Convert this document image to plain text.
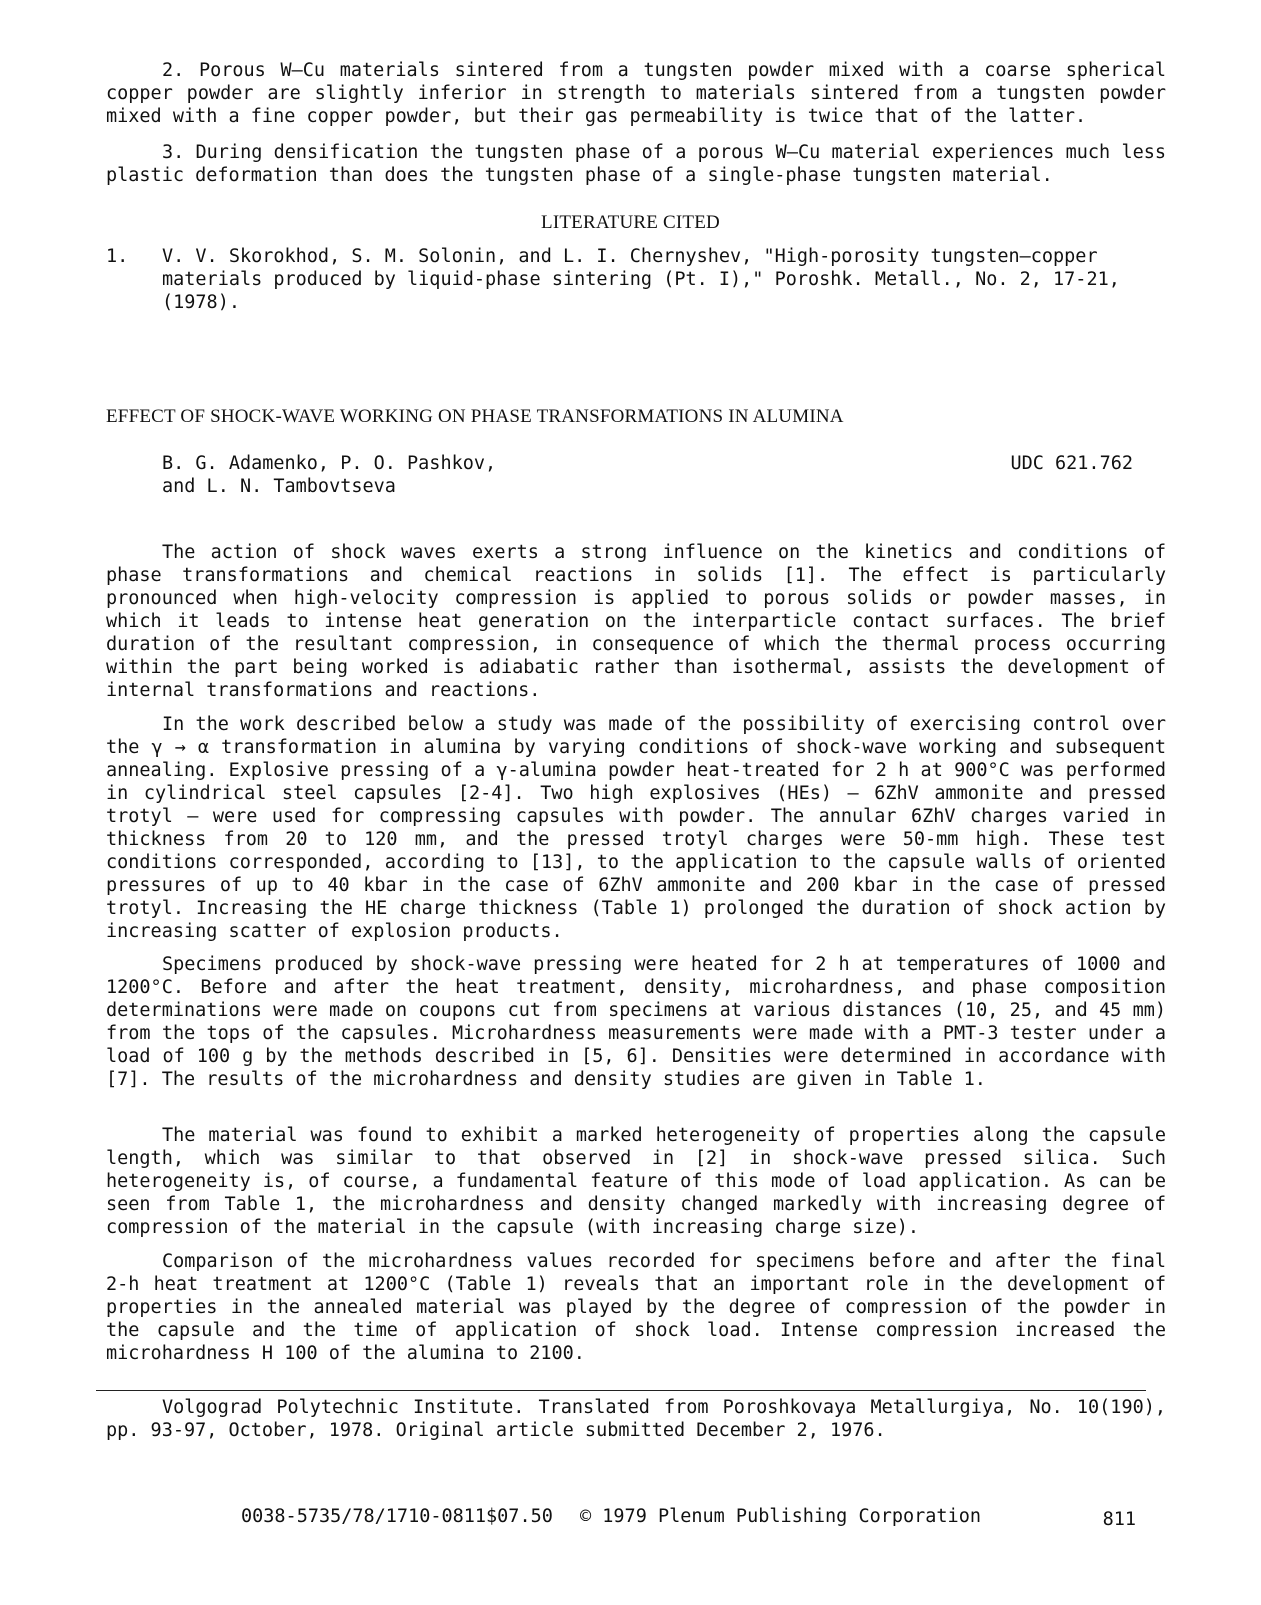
2. Porous W—Cu materials sintered from a tungsten powder mixed with a coarse spherical copper powder are slightly inferior in strength to materials sintered from a tungsten powder mixed with a fine copper powder, but their gas permeability is twice that of the latter.

3. During densification the tungsten phase of a porous W—Cu material experiences much less plastic deformation than does the tungsten phase of a single-phase tungsten material.

LITERATURE CITED
1. V. V. Skorokhod, S. M. Solonin, and L. I. Chernyshev, "High-porosity tungsten—copper materials produced by liquid-phase sintering (Pt. I)," Poroshk. Metall., No. 2, 17-21, (1978).

EFFECT OF SHOCK-WAVE WORKING ON PHASE TRANSFORMATIONS IN ALUMINA
B. G. Adamenko, P. O. Pashkov,
and L. N. Tambovtseva
UDC 621.762

The action of shock waves exerts a strong influence on the kinetics and conditions of phase transformations and chemical reactions in solids [1]. The effect is particularly pronounced when high-velocity compression is applied to porous solids or powder masses, in which it leads to intense heat generation on the interparticle contact surfaces. The brief duration of the resultant compression, in consequence of which the thermal process occurring within the part being worked is adiabatic rather than isothermal, assists the development of internal transformations and reactions.

In the work described below a study was made of the possibility of exercising control over the γ → α transformation in alumina by varying conditions of shock-wave working and subsequent annealing. Explosive pressing of a γ-alumina powder heat-treated for 2 h at 900°C was performed in cylindrical steel capsules [2-4]. Two high explosives (HEs) — 6ZhV ammonite and pressed trotyl — were used for compressing capsules with powder. The annular 6ZhV charges varied in thickness from 20 to 120 mm, and the pressed trotyl charges were 50-mm high. These test conditions corresponded, according to [13], to the application to the capsule walls of oriented pressures of up to 40 kbar in the case of 6ZhV ammonite and 200 kbar in the case of pressed trotyl. Increasing the HE charge thickness (Table 1) prolonged the duration of shock action by increasing scatter of explosion products.

Specimens produced by shock-wave pressing were heated for 2 h at temperatures of 1000 and 1200°C. Before and after the heat treatment, density, microhardness, and phase composition determinations were made on coupons cut from specimens at various distances (10, 25, and 45 mm) from the tops of the capsules. Microhardness measurements were made with a PMT-3 tester under a load of 100 g by the methods described in [5, 6]. Densities were determined in accordance with [7]. The results of the microhardness and density studies are given in Table 1.

The material was found to exhibit a marked heterogeneity of properties along the capsule length, which was similar to that observed in [2] in shock-wave pressed silica. Such heterogeneity is, of course, a fundamental feature of this mode of load application. As can be seen from Table 1, the microhardness and density changed markedly with increasing degree of compression of the material in the capsule (with increasing charge size).

Comparison of the microhardness values recorded for specimens before and after the final 2-h heat treatment at 1200°C (Table 1) reveals that an important role in the development of properties in the annealed material was played by the degree of compression of the powder in the capsule and the time of application of shock load. Intense compression increased the microhardness H 100 of the alumina to 2100.

Volgograd Polytechnic Institute. Translated from Poroshkovaya Metallurgiya, No. 10(190), pp. 93-97, October, 1978. Original article submitted December 2, 1976.

0038-5735/78/1710-0811$07.50 © 1979 Plenum Publishing Corporation	811
